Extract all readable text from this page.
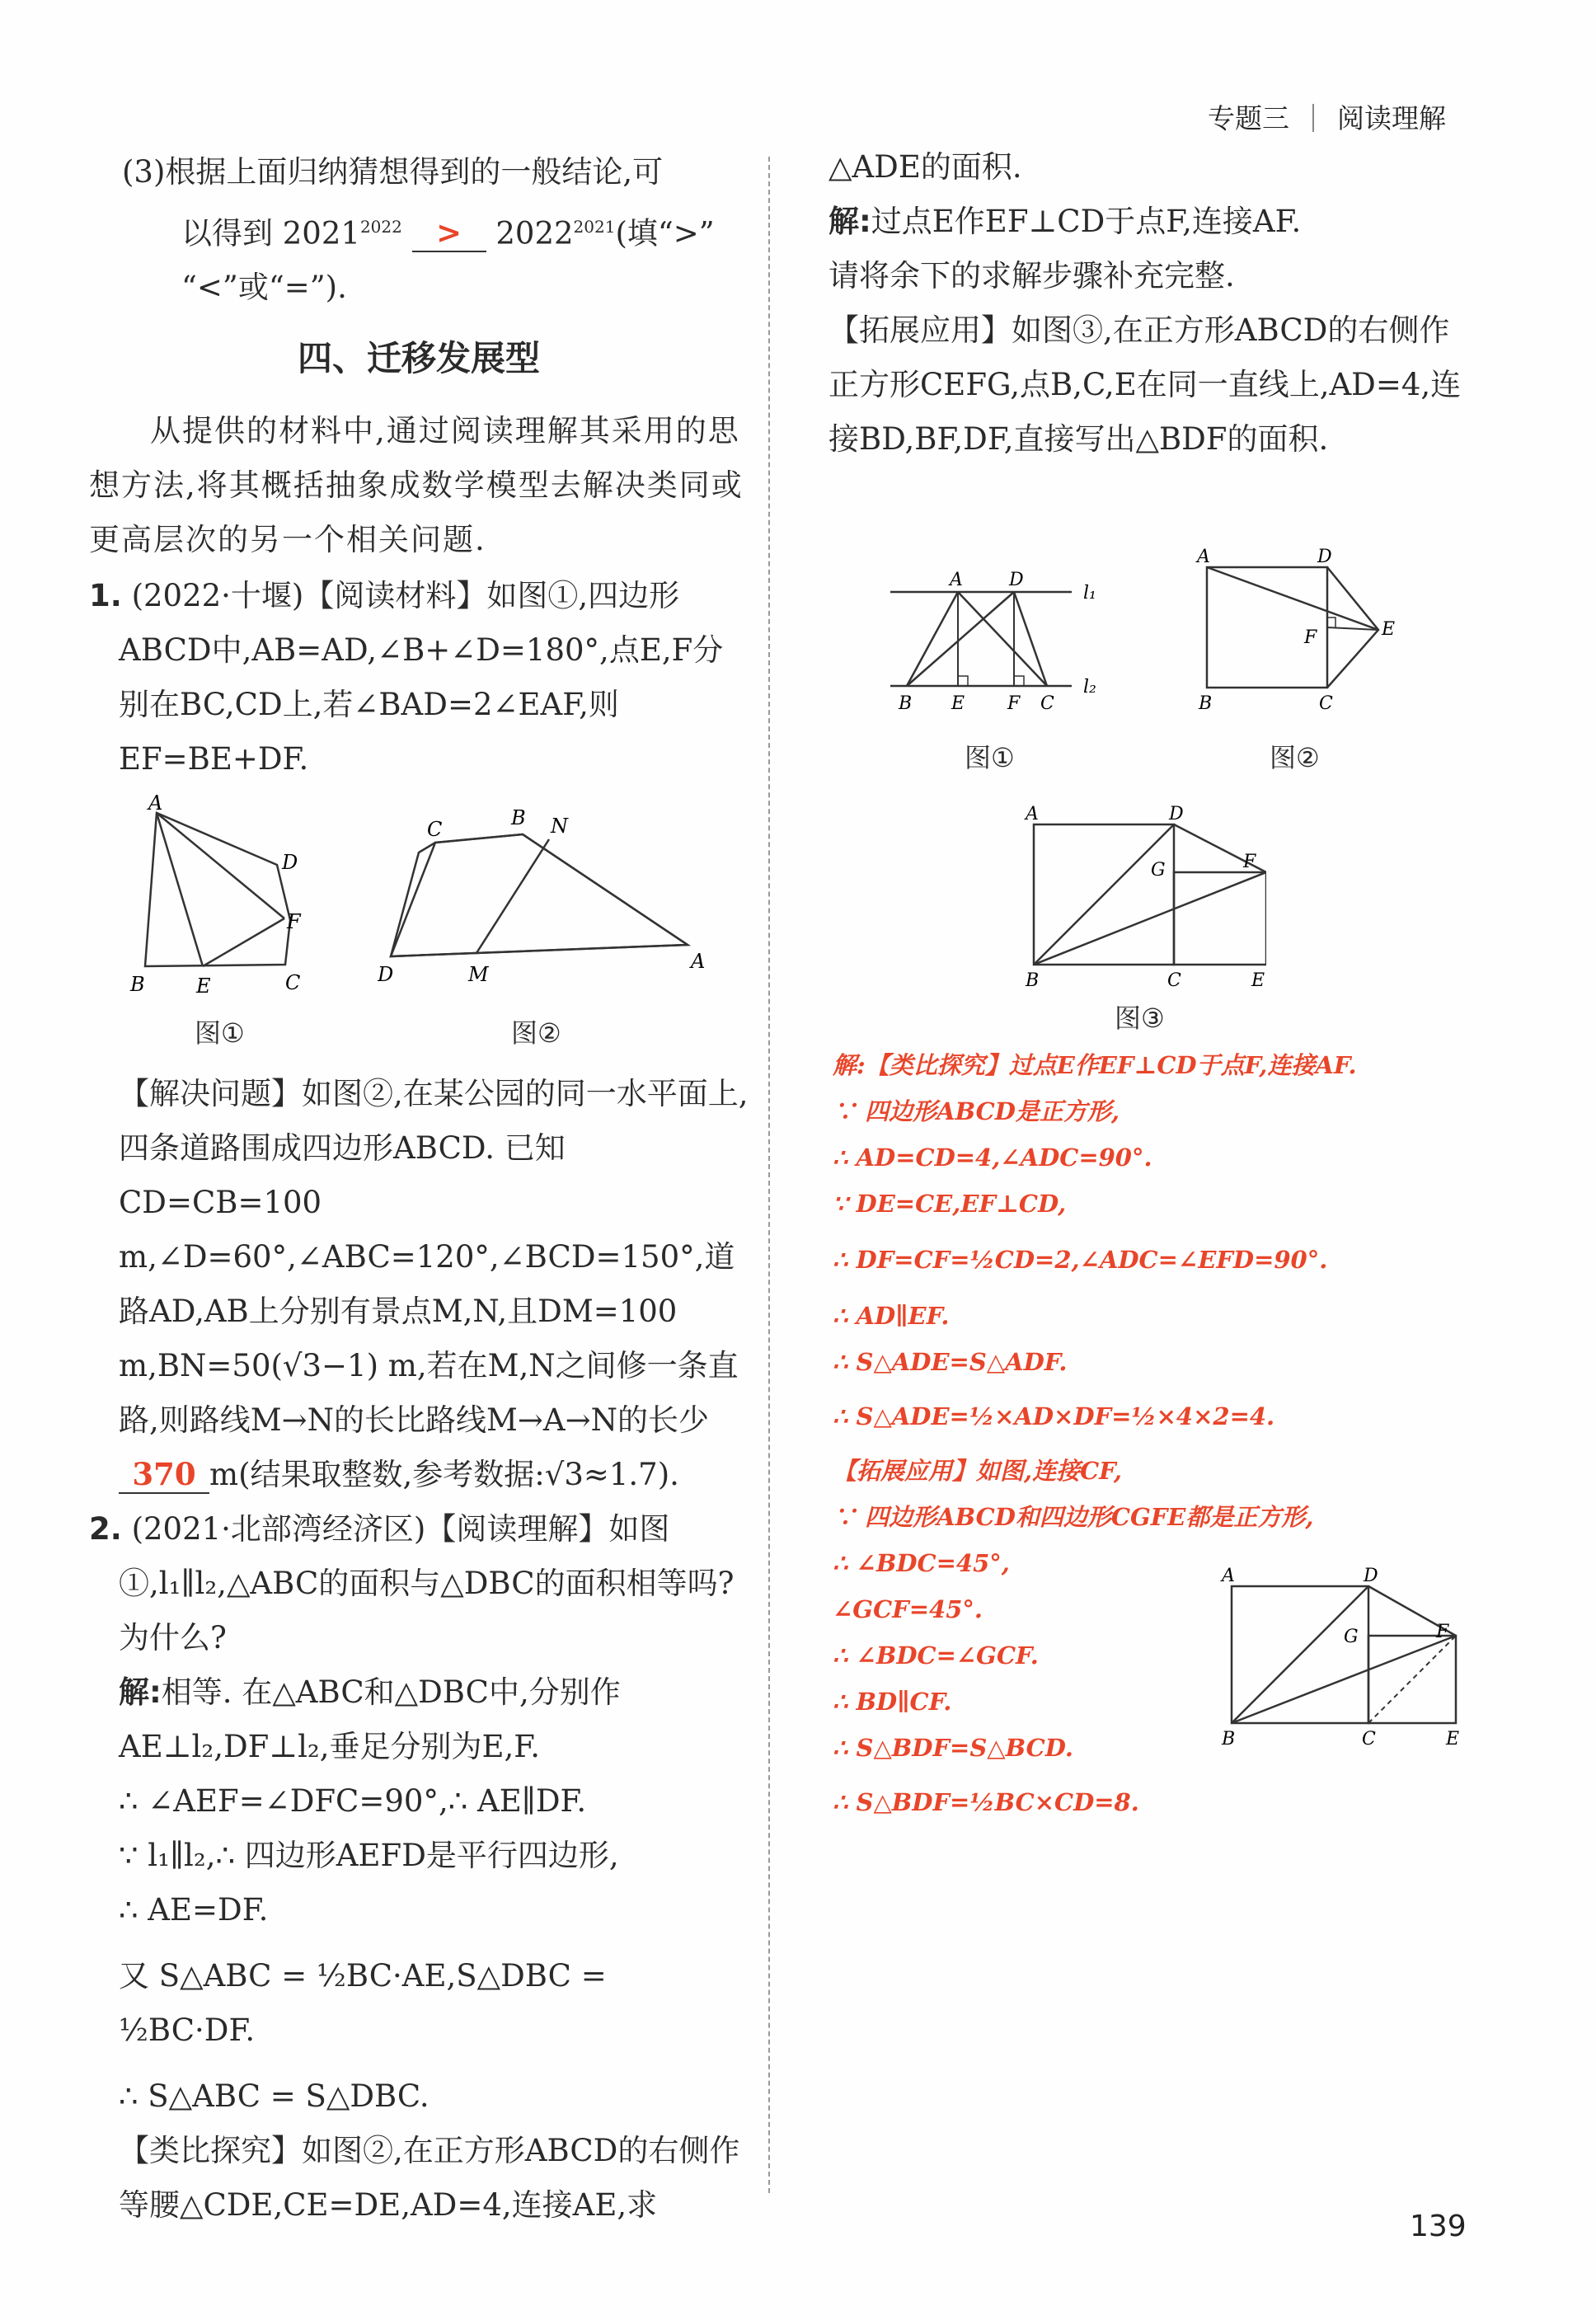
专题三 阅读理解

(3)根据上面归纳猜想得到的一般结论,可

以得到 $2021^{2022} > 2022^{2021}$(填“>”

“<”或“=”).

四、迁移发展型

从提供的材料中,通过阅读理解其采用的思想方法,将其概括抽象成数学模型去解决类同或更高层次的另一个相关问题.

1. (2022·十堰)【阅读材料】如图①,四边形ABCD中,AB=AD,∠B+∠D=180°,点E,F分别在BC,CD上,若∠BAD=2∠EAF,则EF=BE+DF.

A
B	E	C
F
D
图①
C	B N
D	M
A
图②

【解决问题】如图②,在某公园的同一水平面上,四条道路围成四边形ABCD. 已知CD=CB=100 m,∠D=60°,∠ABC=120°,∠BCD=150°,道路AD,AB上分别有景点M,N,且DM=100 m,BN=50(√3−1) m,若在M,N之间修一条直路,则路线M→N的长比路线M→A→N的长少370 m(结果取整数,参考数据:√3≈1.7).

2. (2021·北部湾经济区)【阅读理解】如图①,l₁∥l₂,△ABC的面积与△DBC的面积相等吗?为什么?

解:相等. 在△ABC和△DBC中,分别作AE⊥l₂,DF⊥l₂,垂足分别为E,F.

∴ ∠AEF=∠DFC=90°,∴ AE∥DF.

∵ l₁∥l₂,∴ 四边形AEFD是平行四边形,

∴ AE=DF.

又 S△ABC = ½BC·AE,S△DBC = ½BC·DF.

∴ S△ABC = S△DBC.

【类比探究】如图②,在正方形ABCD的右侧作等腰△CDE,CE=DE,AD=4,连接AE,求

△ADE的面积.

解:过点E作EF⊥CD于点F,连接AF.

请将余下的求解步骤补充完整.

【拓展应用】如图③,在正方形ABCD的右侧作正方形CEFG,点B,C,E在同一直线上,AD=4,连接BD,BF,DF,直接写出△BDF的面积.

A	D
l₁
l₂
B E F C
图①
A	D
E
F
B	C
图②
A	D
G	F
B	C	E
图③

解:【类比探究】过点E作EF⊥CD于点F,连接AF.

∵ 四边形ABCD是正方形,

∴ AD=CD=4,∠ADC=90°.

∵ DE=CE,EF⊥CD,

∴ DF=CF=½CD=2,∠ADC=∠EFD=90°.

∴ AD∥EF.

∴ S△ADE=S△ADF.

∴ S△ADE=½×AD×DF=½×4×2=4.

【拓展应用】如图,连接CF,

∵ 四边形ABCD和四边形CGFE都是正方形,

∴ ∠BDC=45°,

∠GCF=45°.

∴ ∠BDC=∠GCF.

∴ BD∥CF.

∴ S△BDF=S△BCD.

∴ S△BDF=½BC×CD=8.

A	D
G	F
B	C	E
139
